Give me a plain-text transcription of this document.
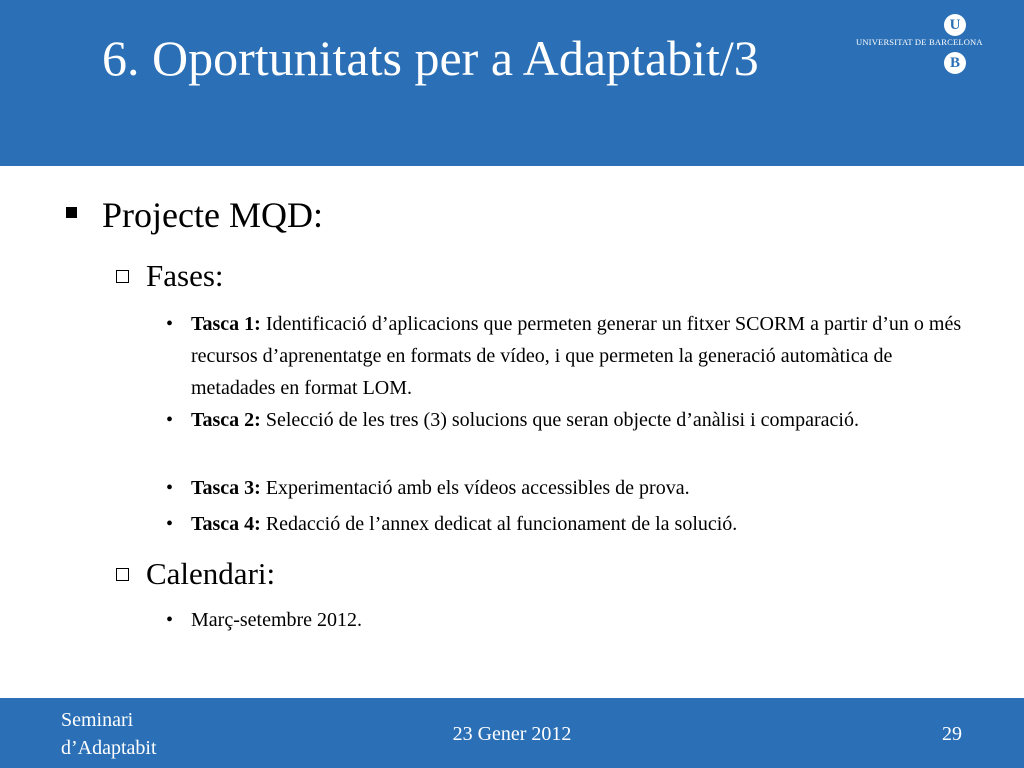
6. Oportunitats per a Adaptabit/3
U
UNIVERSITAT DE BARCELONA
B
Projecte MQD:
Fases:
• Tasca 1: Identificació d’aplicacions que permeten generar un fitxer SCORM a partir d’un o més recursos d’aprenentatge en formats de vídeo, i que permeten la generació automàtica de metadades en format LOM.
• Tasca 2: Selecció de les tres (3) solucions que seran objecte d’anàlisi i comparació.
• Tasca 3: Experimentació amb els vídeos accessibles de prova.
• Tasca 4: Redacció de l’annex dedicat al funcionament de la solució.
Calendari:
• Març-setembre 2012.
Seminari
d’Adaptabit
23 Gener 2012	29
